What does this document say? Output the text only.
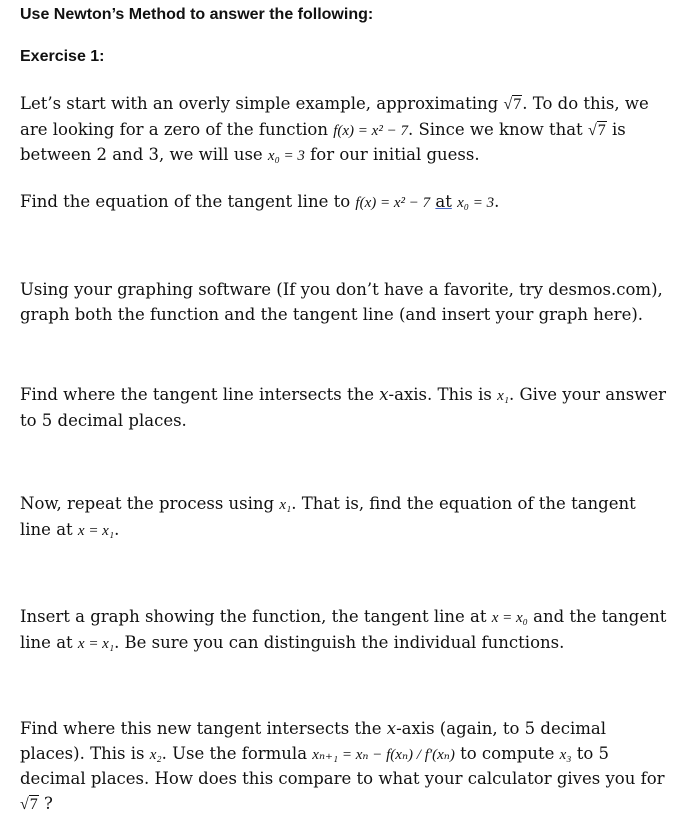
Use Newton’s Method to answer the following:
Exercise 1:
Let’s start with an overly simple example, approximating √7. To do this, we are looking for a zero of the function f(x) = x² − 7. Since we know that √7 is between 2 and 3, we will use x₀ = 3 for our initial guess.
Find the equation of the tangent line to f(x) = x² − 7 at x₀ = 3.
Using your graphing software (If you don’t have a favorite, try desmos.com), graph both the function and the tangent line (and insert your graph here).
Find where the tangent line intersects the x-axis. This is x₁. Give your answer to 5 decimal places.
Now, repeat the process using x₁. That is, find the equation of the tangent line at x = x₁.
Insert a graph showing the function, the tangent line at x = x₀ and the tangent line at x = x₁. Be sure you can distinguish the individual functions.
Find where this new tangent intersects the x-axis (again, to 5 decimal places). This is x₂. Use the formula xₙ₊₁ = xₙ − f(xₙ) / f′(xₙ) to compute x₃ to 5 decimal places. How does this compare to what your calculator gives you for √7 ?
